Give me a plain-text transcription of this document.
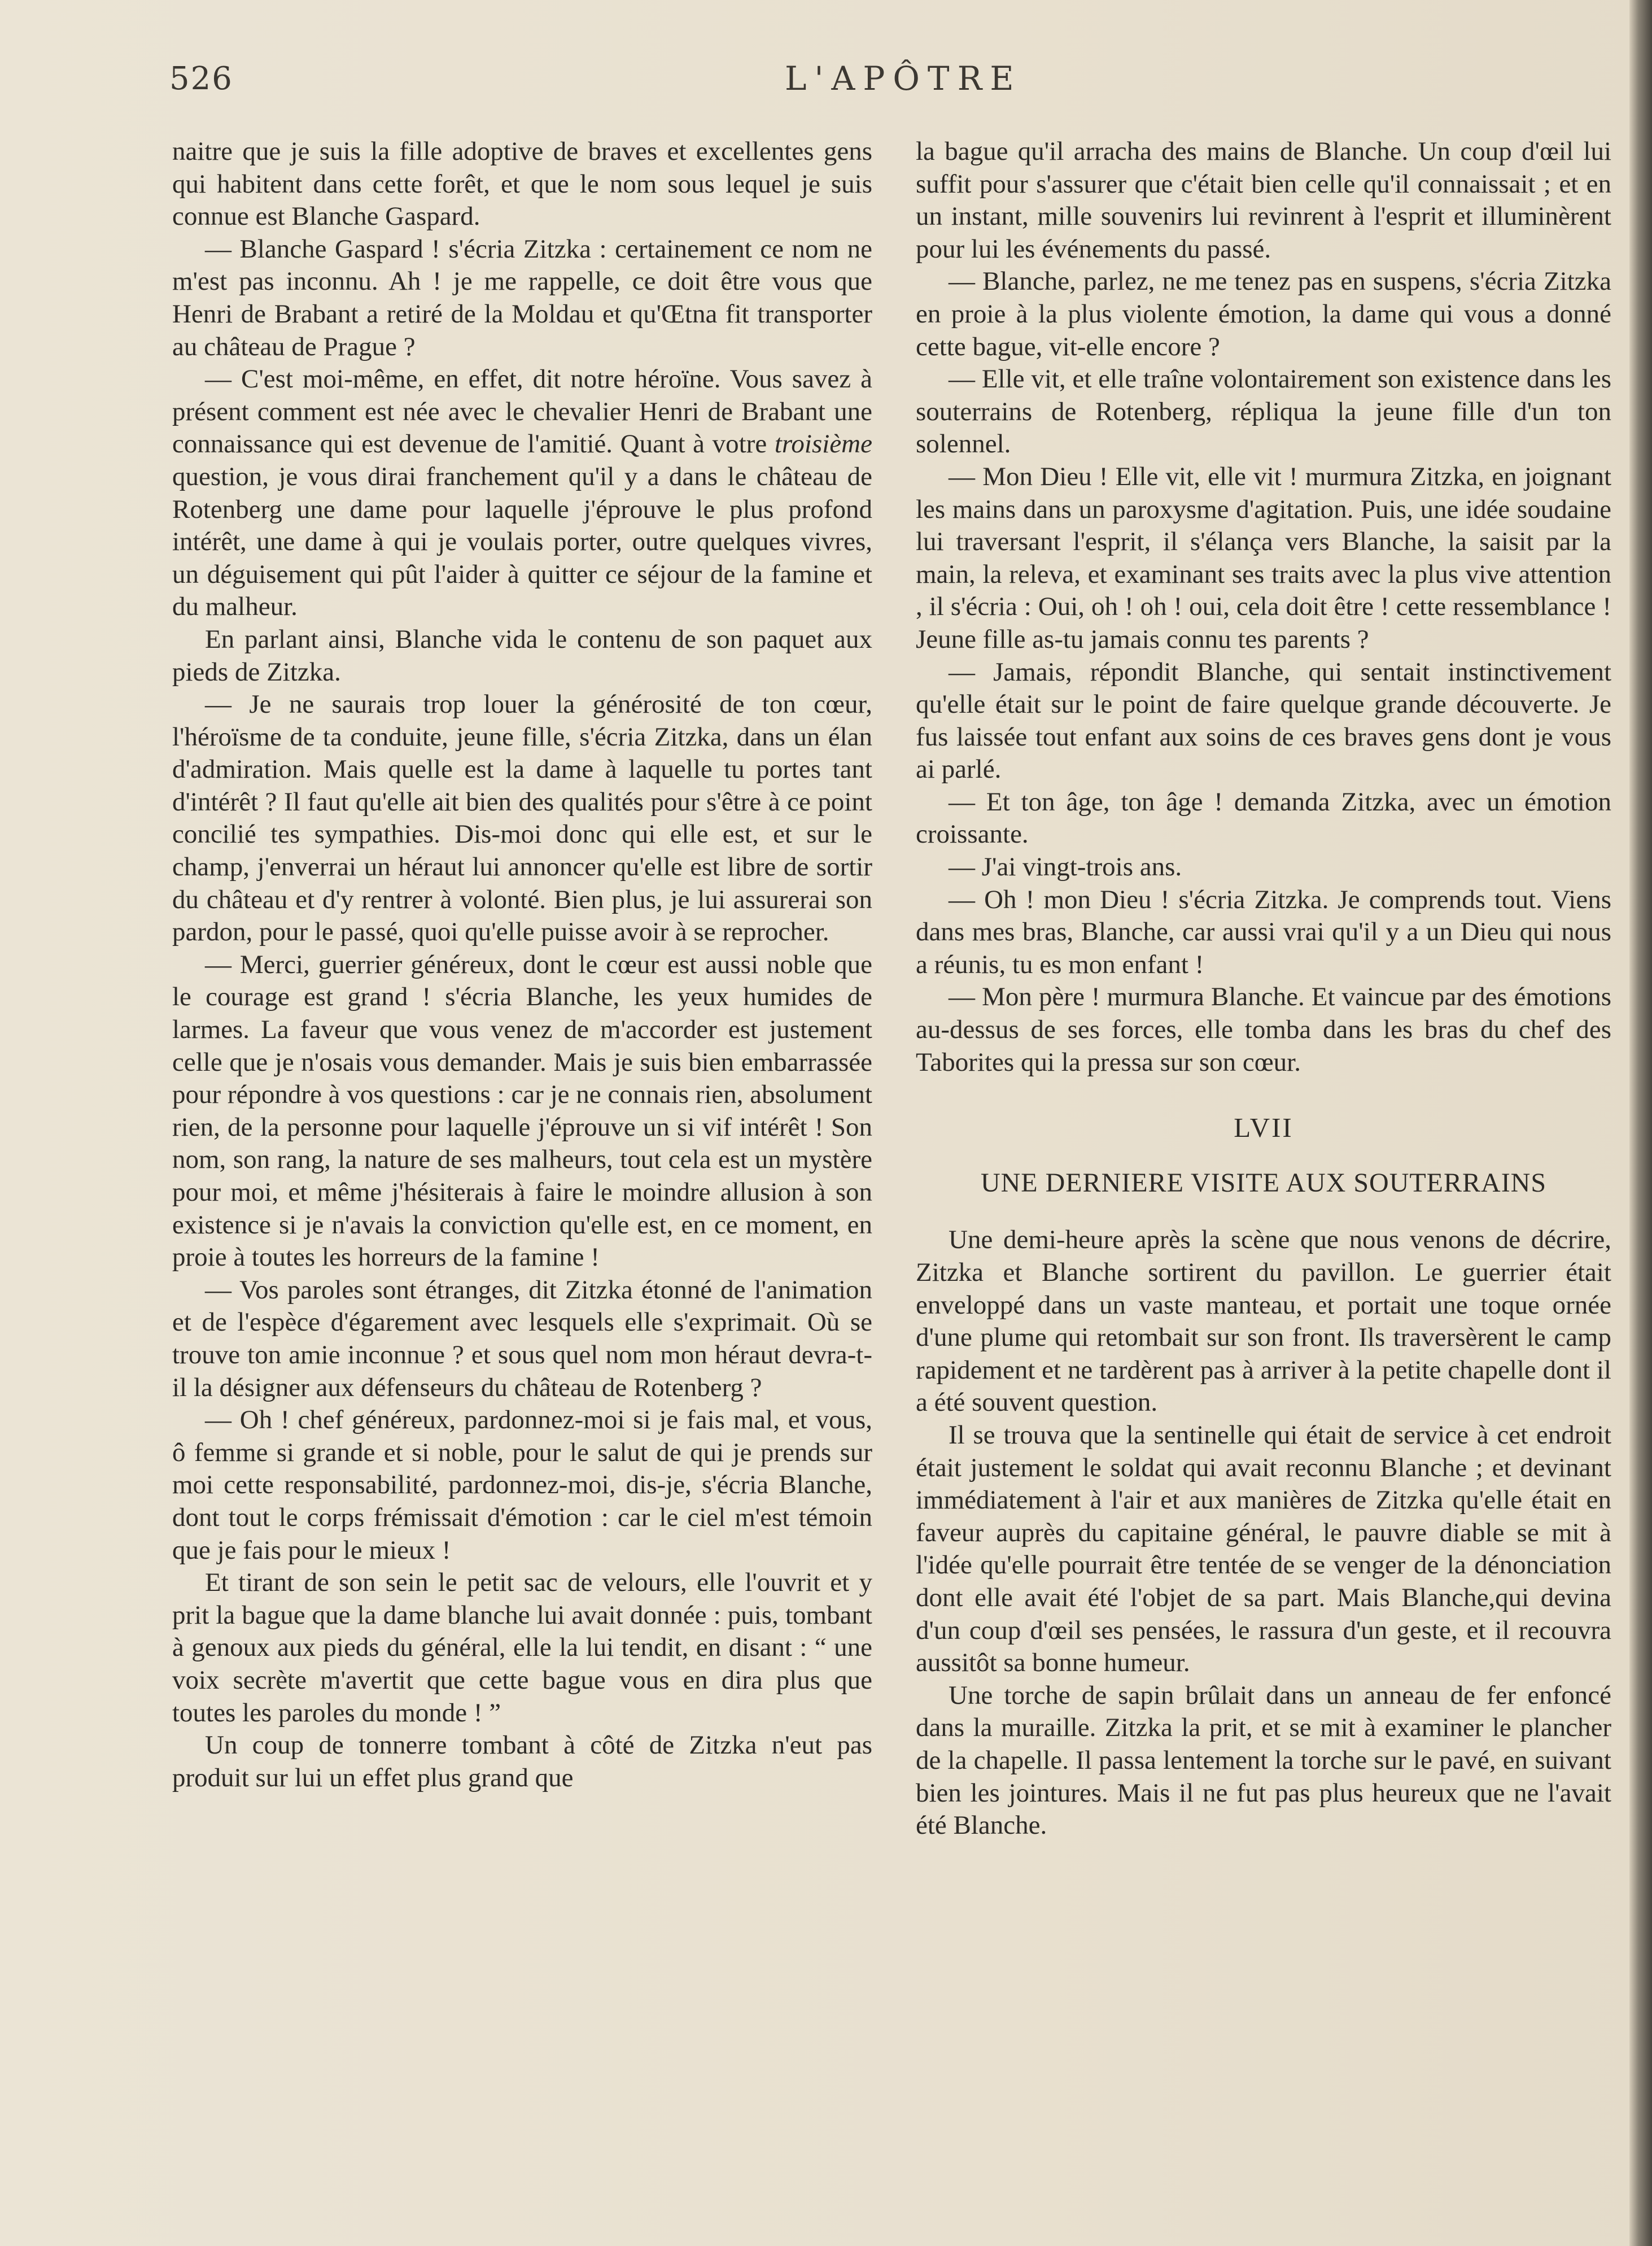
526	L'APÔTRE

naitre que je suis la fille adoptive de braves et excellentes gens qui habitent dans cette forêt, et que le nom sous lequel je suis connue est Blanche Gaspard.

— Blanche Gaspard ! s'écria Zitzka : certainement ce nom ne m'est pas inconnu. Ah ! je me rappelle, ce doit être vous que Henri de Brabant a retiré de la Moldau et qu'Œtna fit transporter au château de Prague ?

— C'est moi-même, en effet, dit notre héroïne. Vous savez à présent comment est née avec le chevalier Henri de Brabant une connaissance qui est devenue de l'amitié. Quant à votre troisième question, je vous dirai franchement qu'il y a dans le château de Rotenberg une dame pour laquelle j'éprouve le plus profond intérêt, une dame à qui je voulais porter, outre quelques vivres, un déguisement qui pût l'aider à quitter ce séjour de la famine et du malheur.

En parlant ainsi, Blanche vida le contenu de son paquet aux pieds de Zitzka.

— Je ne saurais trop louer la générosité de ton cœur, l'héroïsme de ta conduite, jeune fille, s'écria Zitzka, dans un élan d'admiration. Mais quelle est la dame à laquelle tu portes tant d'intérêt ? Il faut qu'elle ait bien des qualités pour s'être à ce point concilié tes sympathies. Dis-moi donc qui elle est, et sur le champ, j'enverrai un héraut lui annoncer qu'elle est libre de sortir du château et d'y rentrer à volonté. Bien plus, je lui assurerai son pardon, pour le passé, quoi qu'elle puisse avoir à se reprocher.

— Merci, guerrier généreux, dont le cœur est aussi noble que le courage est grand ! s'écria Blanche, les yeux humides de larmes. La faveur que vous venez de m'accorder est justement celle que je n'osais vous demander. Mais je suis bien embarrassée pour répondre à vos questions : car je ne connais rien, absolument rien, de la personne pour laquelle j'éprouve un si vif intérêt ! Son nom, son rang, la nature de ses malheurs, tout cela est un mystère pour moi, et même j'hésiterais à faire le moindre allusion à son existence si je n'avais la conviction qu'elle est, en ce moment, en proie à toutes les horreurs de la famine !

— Vos paroles sont étranges, dit Zitzka étonné de l'animation et de l'espèce d'égarement avec lesquels elle s'exprimait. Où se trouve ton amie inconnue ? et sous quel nom mon héraut devra-t-il la désigner aux défenseurs du château de Rotenberg ?

— Oh ! chef généreux, pardonnez-moi si je fais mal, et vous, ô femme si grande et si noble, pour le salut de qui je prends sur moi cette responsabilité, pardonnez-moi, dis-je, s'écria Blanche, dont tout le corps frémissait d'émotion : car le ciel m'est témoin que je fais pour le mieux !

Et tirant de son sein le petit sac de velours, elle l'ouvrit et y prit la bague que la dame blanche lui avait donnée : puis, tombant à genoux aux pieds du général, elle la lui tendit, en disant : “ une voix secrète m'avertit que cette bague vous en dira plus que toutes les paroles du monde ! ”

Un coup de tonnerre tombant à côté de Zitzka n'eut pas produit sur lui un effet plus grand que

la bague qu'il arracha des mains de Blanche. Un coup d'œil lui suffit pour s'assurer que c'était bien celle qu'il connaissait ; et en un instant, mille souvenirs lui revinrent à l'esprit et illuminèrent pour lui les événements du passé.

— Blanche, parlez, ne me tenez pas en suspens, s'écria Zitzka en proie à la plus violente émotion, la dame qui vous a donné cette bague, vit-elle encore ?

— Elle vit, et elle traîne volontairement son existence dans les souterrains de Rotenberg, répliqua la jeune fille d'un ton solennel.

— Mon Dieu ! Elle vit, elle vit ! murmura Zitzka, en joignant les mains dans un paroxysme d'agitation. Puis, une idée soudaine lui traversant l'esprit, il s'élança vers Blanche, la saisit par la main, la releva, et examinant ses traits avec la plus vive attention , il s'écria : Oui, oh ! oh ! oui, cela doit être ! cette ressemblance ! Jeune fille as-tu jamais connu tes parents ?

— Jamais, répondit Blanche, qui sentait instinctivement qu'elle était sur le point de faire quelque grande découverte. Je fus laissée tout enfant aux soins de ces braves gens dont je vous ai parlé.

— Et ton âge, ton âge ! demanda Zitzka, avec un émotion croissante.

— J'ai vingt-trois ans.

— Oh ! mon Dieu ! s'écria Zitzka. Je comprends tout. Viens dans mes bras, Blanche, car aussi vrai qu'il y a un Dieu qui nous a réunis, tu es mon enfant !

— Mon père ! murmura Blanche. Et vaincue par des émotions au-dessus de ses forces, elle tomba dans les bras du chef des Taborites qui la pressa sur son cœur.

LVII
UNE DERNIERE VISITE AUX SOUTERRAINS

Une demi-heure après la scène que nous venons de décrire, Zitzka et Blanche sortirent du pavillon. Le guerrier était enveloppé dans un vaste manteau, et portait une toque ornée d'une plume qui retombait sur son front. Ils traversèrent le camp rapidement et ne tardèrent pas à arriver à la petite chapelle dont il a été souvent question.

Il se trouva que la sentinelle qui était de service à cet endroit était justement le soldat qui avait reconnu Blanche ; et devinant immédiatement à l'air et aux manières de Zitzka qu'elle était en faveur auprès du capitaine général, le pauvre diable se mit à l'idée qu'elle pourrait être tentée de se venger de la dénonciation dont elle avait été l'objet de sa part. Mais Blanche,qui devina d'un coup d'œil ses pensées, le rassura d'un geste, et il recouvra aussitôt sa bonne humeur.

Une torche de sapin brûlait dans un anneau de fer enfoncé dans la muraille. Zitzka la prit, et se mit à examiner le plancher de la chapelle. Il passa lentement la torche sur le pavé, en suivant bien les jointures. Mais il ne fut pas plus heureux que ne l'avait été Blanche.
